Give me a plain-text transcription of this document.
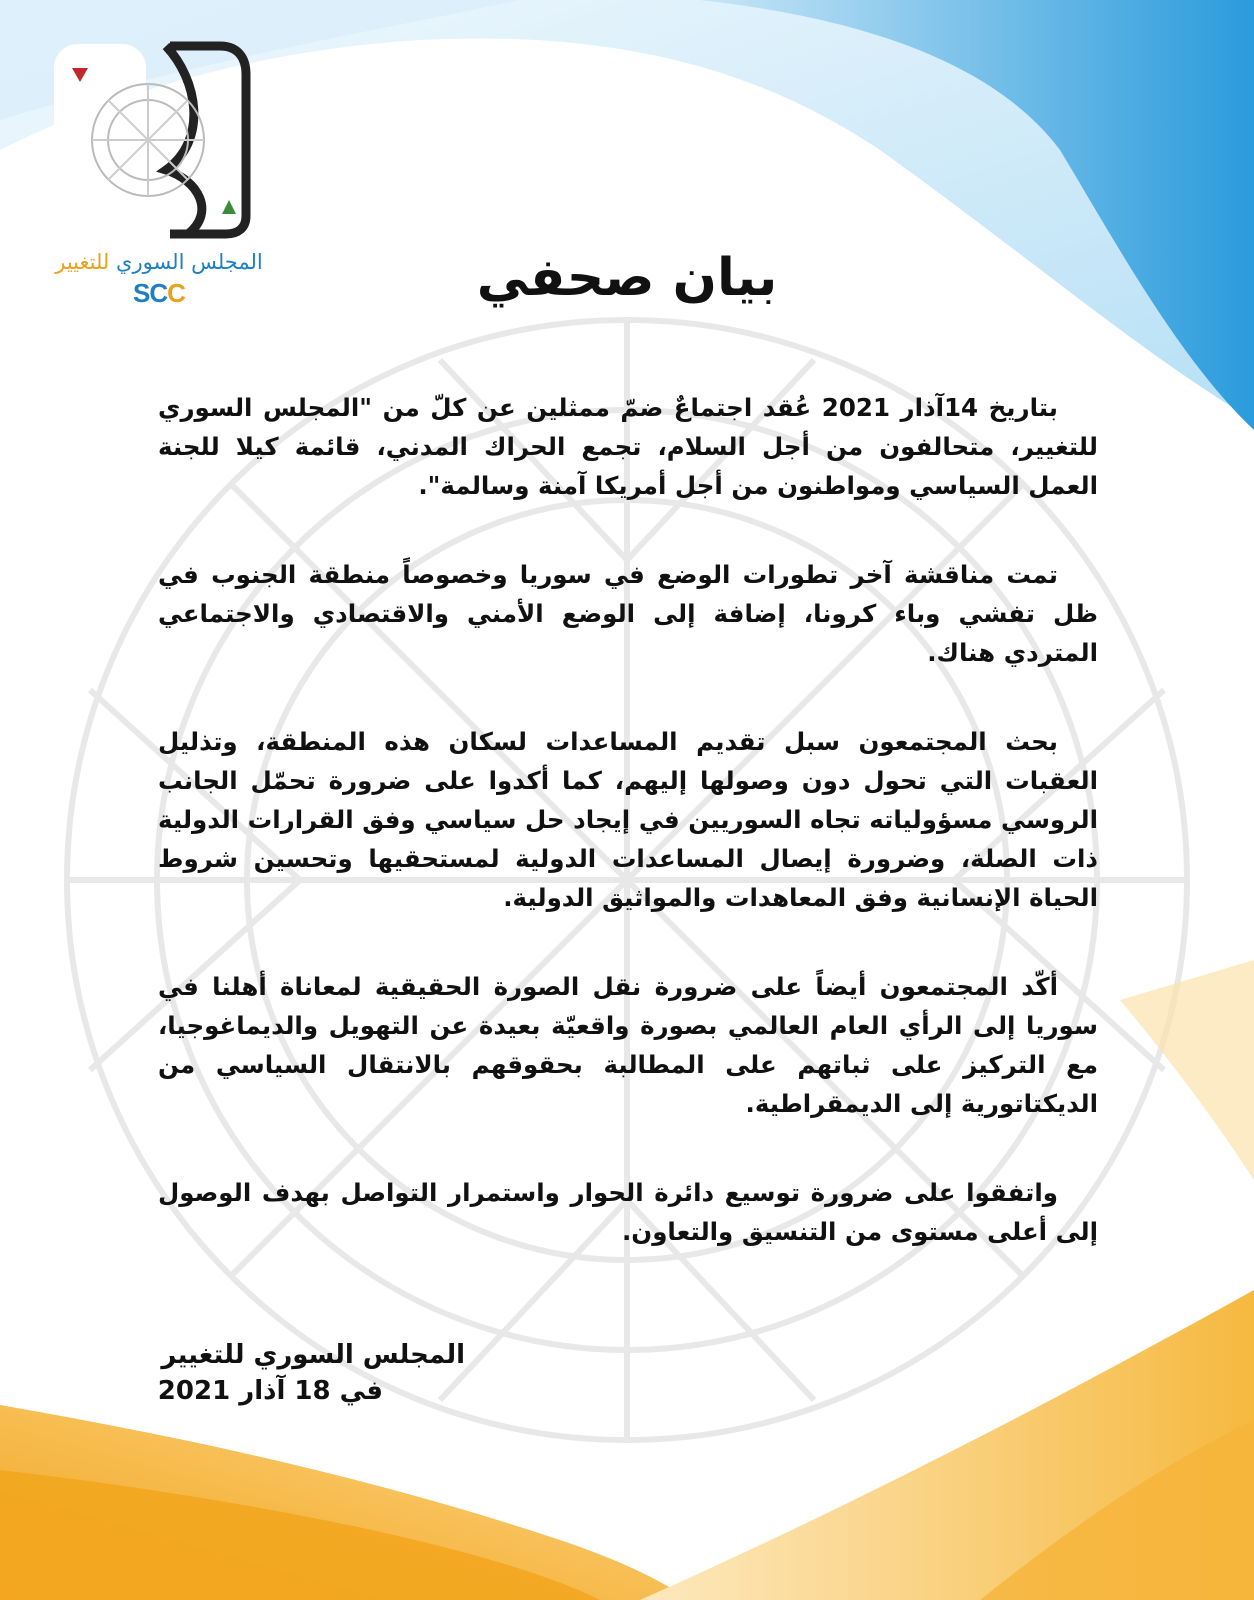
المجلس السوري للتغيير
SCC	بيان صحفي

بتاريخ 14آذار 2021 عُقد اجتماعٌ ضمّ ممثلين عن كلّ من "المجلس السوري للتغيير، متحالفون من أجل السلام، تجمع الحراك المدني، قائمة كيلا للجنة العمل السياسي ومواطنون من أجل أمريكا آمنة وسالمة".

تمت مناقشة آخر تطورات الوضع في سوريا وخصوصاً منطقة الجنوب في ظل تفشي وباء كرونا، إضافة إلى الوضع الأمني والاقتصادي والاجتماعي المتردي هناك.

بحث المجتمعون سبل تقديم المساعدات لسكان هذه المنطقة، وتذليل العقبات التي تحول دون وصولها إليهم، كما أكدوا على ضرورة تحمّل الجانب الروسي مسؤولياته تجاه السوريين في إيجاد حل سياسي وفق القرارات الدولية ذات الصلة، وضرورة إيصال المساعدات الدولية لمستحقيها وتحسين شروط الحياة الإنسانية وفق المعاهدات والمواثيق الدولية.

أكّد المجتمعون أيضاً على ضرورة نقل الصورة الحقيقية لمعاناة أهلنا في سوريا إلى الرأي العام العالمي بصورة واقعيّة بعيدة عن التهويل والديماغوجيا، مع التركيز على ثباتهم على المطالبة بحقوقهم بالانتقال السياسي من الديكتاتورية إلى الديمقراطية.

واتفقوا على ضرورة توسيع دائرة الحوار واستمرار التواصل بهدف الوصول إلى أعلى مستوى من التنسيق والتعاون.

المجلس السوري للتغيير
في 18 آذار 2021
